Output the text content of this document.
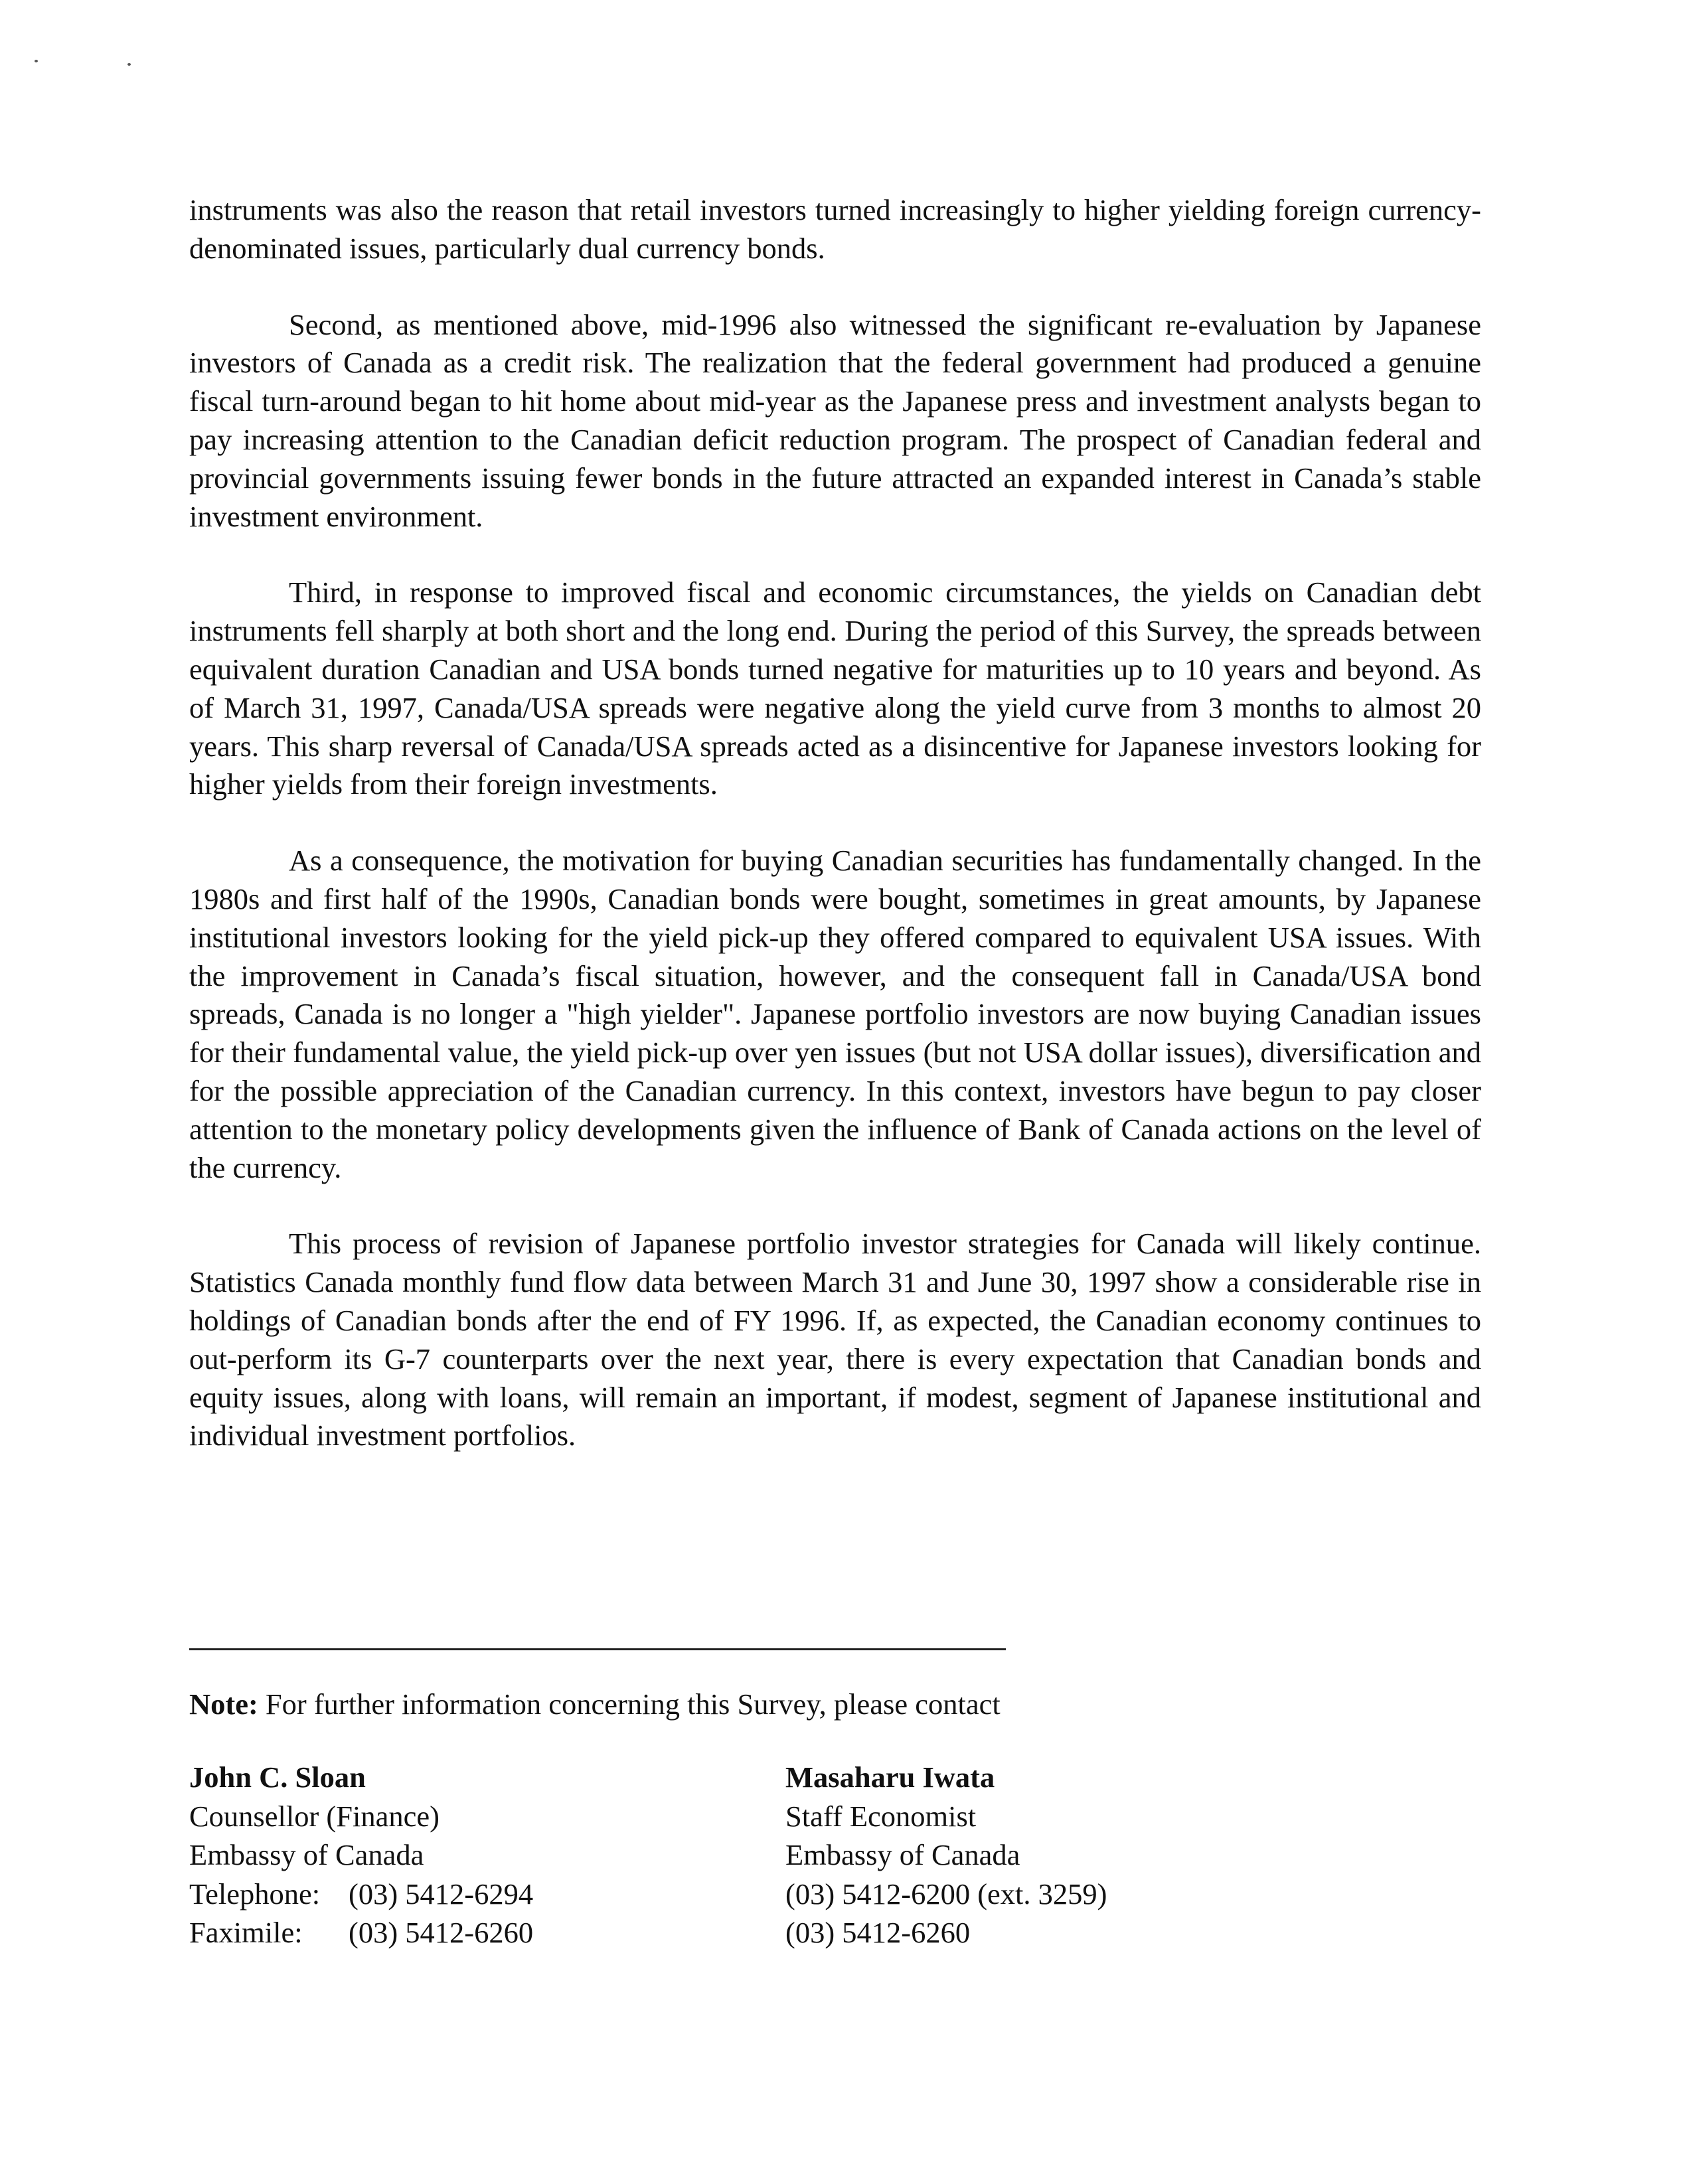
instruments was also the reason that retail investors turned increasingly to higher yielding foreign currency-denominated issues, particularly dual currency bonds.

Second, as mentioned above, mid-1996 also witnessed the significant re-evaluation by Japanese investors of Canada as a credit risk. The realization that the federal government had produced a genuine fiscal turn-around began to hit home about mid-year as the Japanese press and investment analysts began to pay increasing attention to the Canadian deficit reduction program. The prospect of Canadian federal and provincial governments issuing fewer bonds in the future attracted an expanded interest in Canada’s stable investment environment.

Third, in response to improved fiscal and economic circumstances, the yields on Canadian debt instruments fell sharply at both short and the long end. During the period of this Survey, the spreads between equivalent duration Canadian and USA bonds turned negative for maturities up to 10 years and beyond. As of March 31, 1997, Canada/USA spreads were negative along the yield curve from 3 months to almost 20 years. This sharp reversal of Canada/USA spreads acted as a disincentive for Japanese investors looking for higher yields from their foreign investments.

As a consequence, the motivation for buying Canadian securities has fundamentally changed. In the 1980s and first half of the 1990s, Canadian bonds were bought, sometimes in great amounts, by Japanese institutional investors looking for the yield pick-up they offered compared to equivalent USA issues. With the improvement in Canada’s fiscal situation, however, and the consequent fall in Canada/USA bond spreads, Canada is no longer a "high yielder". Japanese portfolio investors are now buying Canadian issues for their fundamental value, the yield pick-up over yen issues (but not USA dollar issues), diversification and for the possible appreciation of the Canadian currency. In this context, investors have begun to pay closer attention to the monetary policy developments given the influence of Bank of Canada actions on the level of the currency.

This process of revision of Japanese portfolio investor strategies for Canada will likely continue. Statistics Canada monthly fund flow data between March 31 and June 30, 1997 show a considerable rise in holdings of Canadian bonds after the end of FY 1996. If, as expected, the Canadian economy continues to out-perform its G-7 counterparts over the next year, there is every expectation that Canadian bonds and equity issues, along with loans, will remain an important, if modest, segment of Japanese institutional and individual investment portfolios.

Note: For further information concerning this Survey, please contact
John C. Sloan
Counsellor (Finance)
Embassy of Canada
Telephone: (03) 5412-6294
Faximile: (03) 5412-6260
Masaharu Iwata
Staff Economist
Embassy of Canada
(03) 5412-6200 (ext. 3259)
(03) 5412-6260
